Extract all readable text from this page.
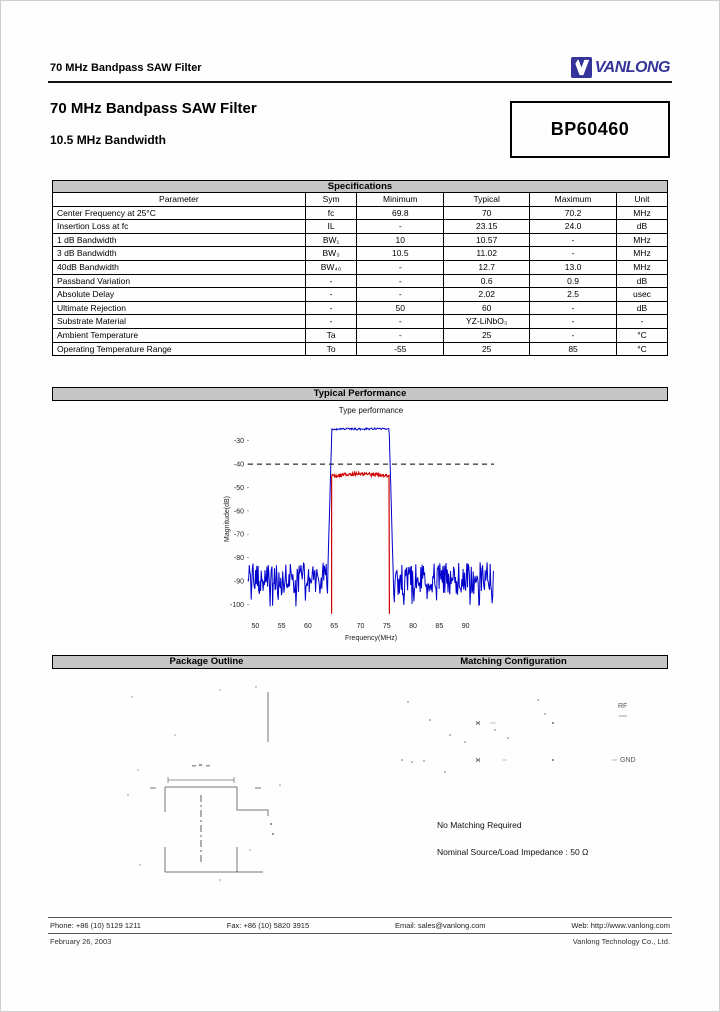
70 MHz Bandpass SAW Filter	VANLONG
70 MHz Bandpass SAW Filter
10.5 MHz Bandwidth
BP60460
Specifications					
Parameter	Sym	Minimum	Typical	Maximum	Unit
Center Frequency at 25°C	fc	69.8	70	70.2	MHz
Insertion Loss at fc	IL	-	23.15	24.0	dB
1 dB Bandwidth	BW₁	10	10.57	-	MHz
3 dB Bandwidth	BW₃	10.5	11.02	-	MHz
40dB Bandwidth	BW₄₀	-	12.7	13.0	MHz
Passband Variation	-	-	0.6	0.9	dB
Absolute Delay	-	-	2.02	2.5	usec
Ultimate Rejection	-	50	60	-	dB
Substrate Material	-	-	YZ-LiNbO₃	-	-
Ambient Temperature	Ta	-	25	-	°C
Operating Temperature Range	To	-55	25	85	°C
Typical Performance
Type performance
50	55	60	65	70	75	80	85	90
-30
-40
-50
-60
-70
-80
-90
-100
Frequency(MHz)
Magnitude(dB)
Package Outline	Matching Configuration
RF
GND
No Matching Required
Nominal Source/Load Impedance : 50 Ω
Phone: +86 (10) 5129 1211	Fax: +86 (10) 5820 3915	Email: sales@vanlong.com	Web: http://www.vanlong.com
February 26, 2003	Vanlong Technology Co., Ltd.
